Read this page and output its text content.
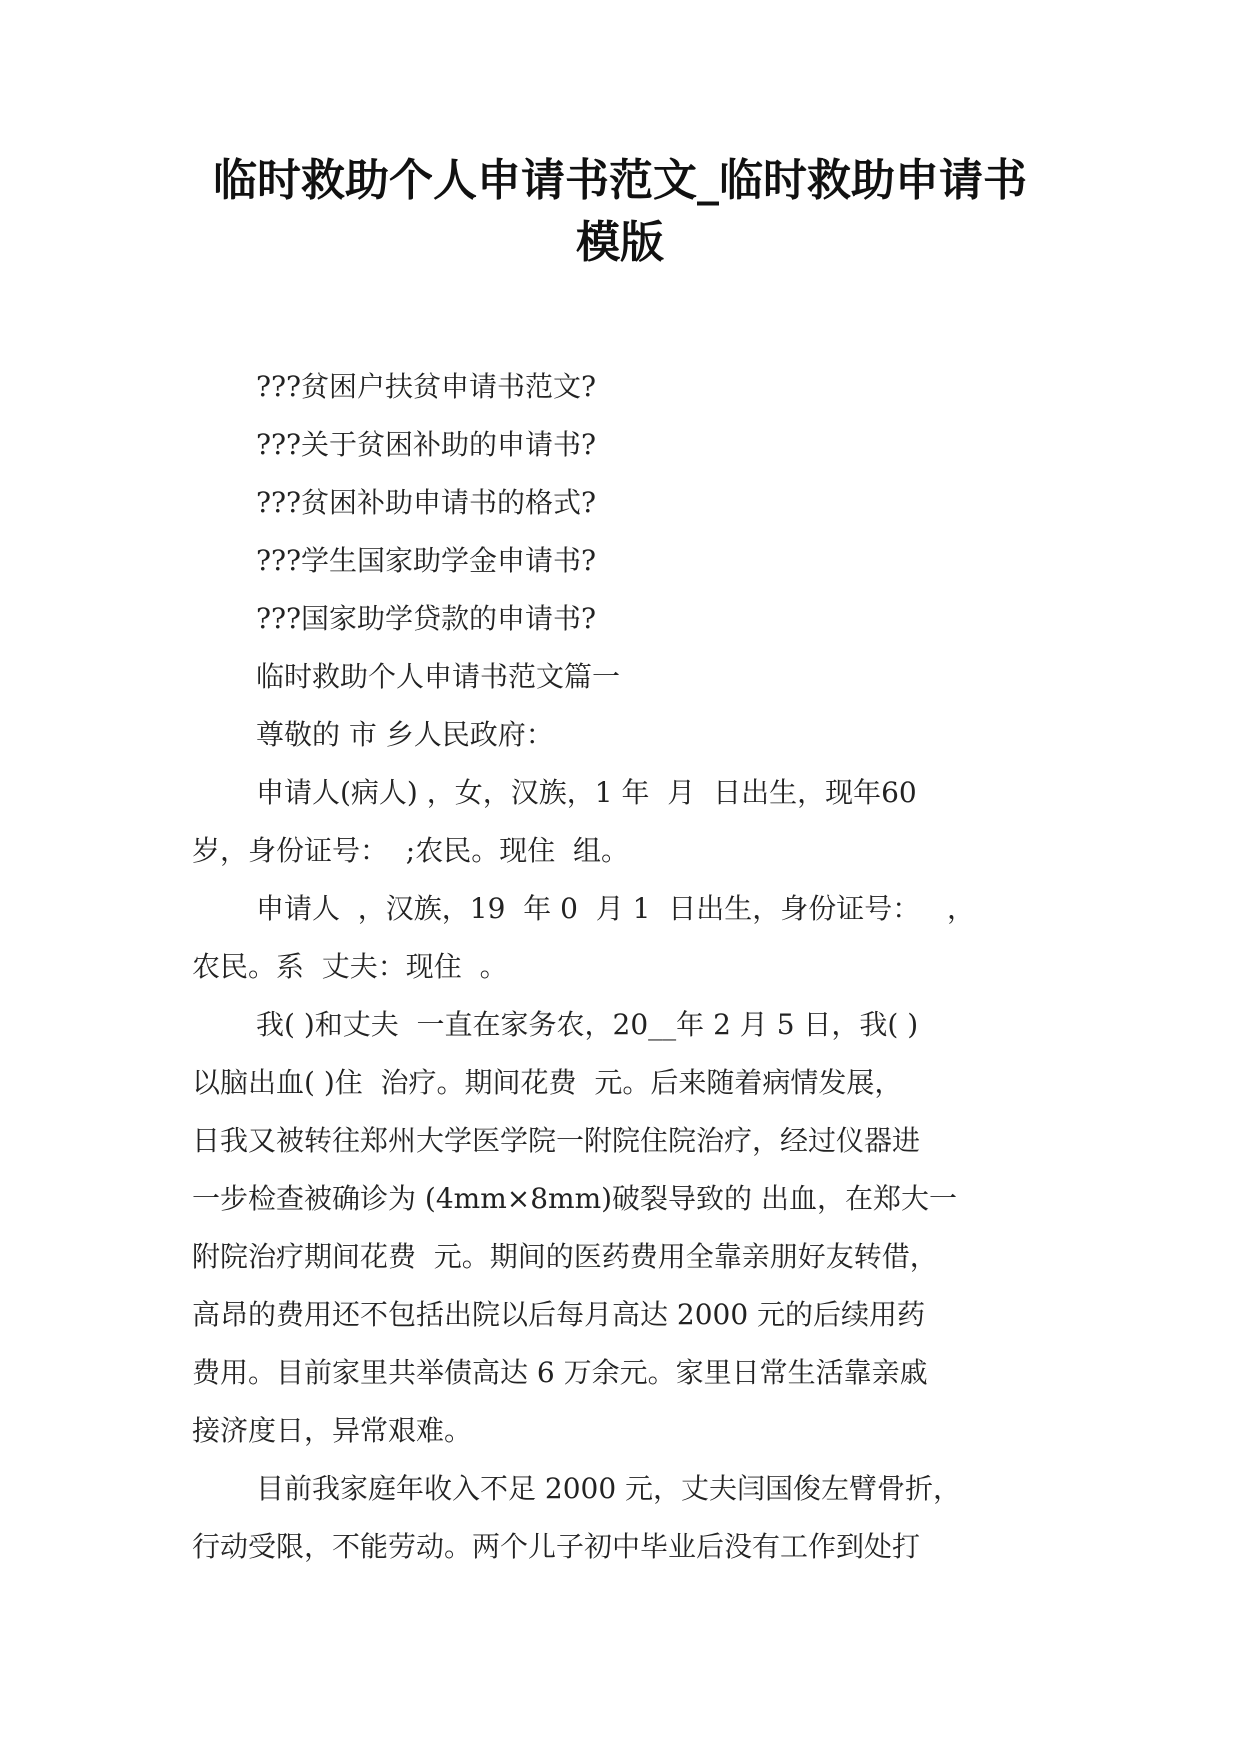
临时救助个人申请书范文_临时救助申请书
模版
???贫困户扶贫申请书范文?
???关于贫困补助的申请书?
???贫困补助申请书的格式?
???学生国家助学金申请书?
???国家助学贷款的申请书?
临时救助个人申请书范文篇一
尊敬的 市 乡人民政府：
申请人(病人) ，女，汉族，1 年  月  日出生，现年60
岁，身份证号：  ;农民。现住  组。
申请人  ，汉族，19  年 0  月 1  日出生，身份证号：   ，
农民。系  丈夫：现住  。
我( )和丈夫  一直在家务农，20__年 2 月 5 日，我( )
以脑出血( )住  治疗。期间花费  元。后来随着病情发展，
日我又被转往郑州大学医学院一附院住院治疗，经过仪器进
一步检查被确诊为 (4mm×8mm)破裂导致的 出血，在郑大一
附院治疗期间花费  元。期间的医药费用全靠亲朋好友转借，
高昂的费用还不包括出院以后每月高达 2000 元的后续用药
费用。目前家里共举债高达 6 万余元。家里日常生活靠亲戚
接济度日，异常艰难。
目前我家庭年收入不足 2000 元，丈夫闫国俊左臂骨折，
行动受限，不能劳动。两个儿子初中毕业后没有工作到处打
